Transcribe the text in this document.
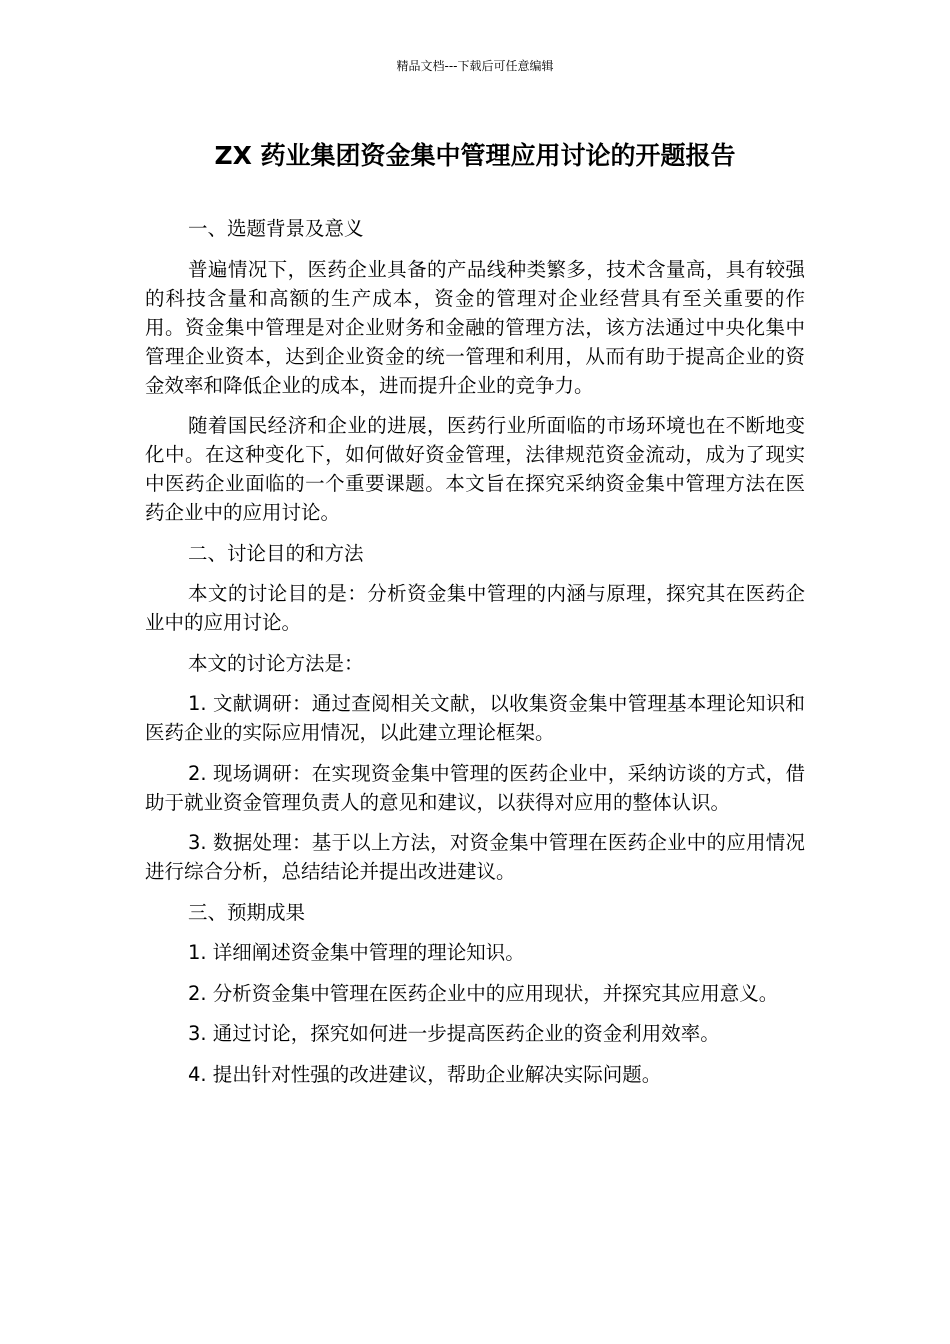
精品文档---下载后可任意编辑
ZX 药业集团资金集中管理应用讨论的开题报告
一、选题背景及意义

普遍情况下，医药企业具备的产品线种类繁多，技术含量高，具有较强的科技含量和高额的生产成本，资金的管理对企业经营具有至关重要的作用。资金集中管理是对企业财务和金融的管理方法，该方法通过中央化集中管理企业资本，达到企业资金的统一管理和利用，从而有助于提高企业的资金效率和降低企业的成本，进而提升企业的竞争力。

随着国民经济和企业的进展，医药行业所面临的市场环境也在不断地变化中。在这种变化下，如何做好资金管理，法律规范资金流动，成为了现实中医药企业面临的一个重要课题。本文旨在探究采纳资金集中管理方法在医药企业中的应用讨论。

二、讨论目的和方法

本文的讨论目的是：分析资金集中管理的内涵与原理，探究其在医药企业中的应用讨论。

本文的讨论方法是：

1. 文献调研：通过查阅相关文献，以收集资金集中管理基本理论知识和医药企业的实际应用情况，以此建立理论框架。

2. 现场调研：在实现资金集中管理的医药企业中，采纳访谈的方式，借助于就业资金管理负责人的意见和建议，以获得对应用的整体认识。

3. 数据处理：基于以上方法，对资金集中管理在医药企业中的应用情况进行综合分析，总结结论并提出改进建议。

三、预期成果
1. 详细阐述资金集中管理的理论知识。
2. 分析资金集中管理在医药企业中的应用现状，并探究其应用意义。
3. 通过讨论，探究如何进一步提高医药企业的资金利用效率。
4. 提出针对性强的改进建议，帮助企业解决实际问题。
